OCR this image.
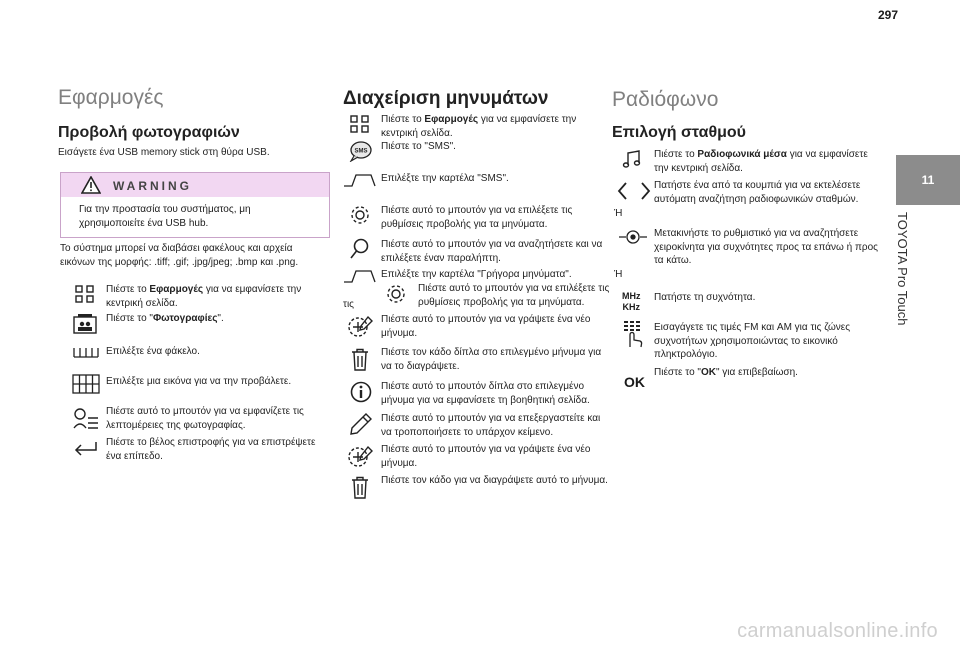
297
11
TOYOTA Pro Touch
Εφαρμογές
Προβολή φωτογραφιών
Εισάγετε ένα USB memory stick στη θύρα USB.
WARNING
Για την προστασία του συστήματος, μη χρησιμοποιείτε ένα USB hub.
Το σύστημα μπορεί να διαβάσει φακέλους και αρχεία εικόνων της μορφής: .tiff; .gif; .jpg/jpeg; .bmp και .png.
Πιέστε το Εφαρμογές για να εμφανίσετε την κεντρική σελίδα.
Πιέστε το "Φωτογραφίες".
Επιλέξτε ένα φάκελο.
Επιλέξτε μια εικόνα για να την προβάλετε.
Πιέστε αυτό το μπουτόν για να εμφανίζετε τις λεπτομέρειες της φωτογραφίας.
Πιέστε το βέλος επιστροφής για να επιστρέψετε ένα επίπεδο.
Διαχείριση μηνυμάτων
Πιέστε το Εφαρμογές για να εμφανίσετε την κεντρική σελίδα.
SMS Πιέστε το "SMS".
Επιλέξτε την καρτέλα "SMS".
Πιέστε αυτό το μπουτόν για να επιλέξετε τις ρυθμίσεις προβολής για τα μηνύματα.
Πιέστε αυτό το μπουτόν για να αναζητήσετε και να επιλέξετε έναν παραλήπτη.
Επιλέξτε την καρτέλα "Γρήγορα μηνύματα".
τις
Πιέστε αυτό το μπουτόν για να επιλέξετε τις ρυθμίσεις προβολής για τα μηνύματα.
Πιέστε αυτό το μπουτόν για να γράψετε ένα νέο μήνυμα.
Πιέστε τον κάδο δίπλα στο επιλεγμένο μήνυμα για να το διαγράψετε.
Πιέστε αυτό το μπουτόν δίπλα στο επιλεγμένο μήνυμα για να εμφανίσετε τη βοηθητική σελίδα.
Πιέστε αυτό το μπουτόν για να επεξεργαστείτε και να τροποποιήσετε το υπάρχον κείμενο.
Πιέστε αυτό το μπουτόν για να γράψετε ένα νέο μήνυμα.
Πιέστε τον κάδο για να διαγράψετε αυτό το μήνυμα.
Ραδιόφωνο
Επιλογή σταθμού
Πιέστε το Ραδιοφωνικά μέσα για να εμφανίσετε την κεντρική σελίδα.
Πατήστε ένα από τα κουμπιά για να εκτελέσετε αυτόματη αναζήτηση ραδιοφωνικών σταθμών.
Ή
Μετακινήστε το ρυθμιστικό για να αναζητήσετε χειροκίνητα για συχνότητες προς τα επάνω ή προς τα κάτω.
Ή
MHz
KHz
Πατήστε τη συχνότητα.
Εισαγάγετε τις τιμές FM και AM για τις ζώνες συχνοτήτων χρησιμοποιώντας το εικονικό πληκτρολόγιο.
OK
Πιέστε το "OK" για επιβεβαίωση.
carmanualsonline.info
